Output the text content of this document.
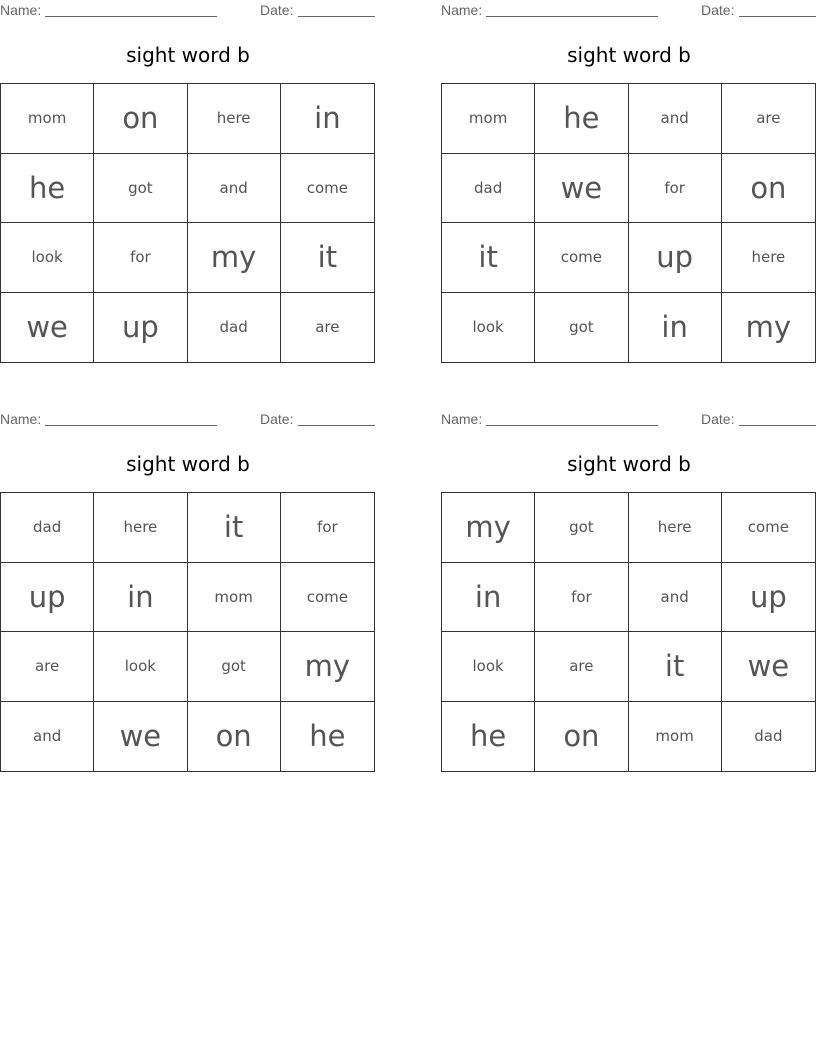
Name:	Date:
sight word b
mom	on	here	in
he	got	and	come
look	for	my	it
we	up	dad	are
Name:	Date:
sight word b
mom	he	and	are
dad	we	for	on
it	come	up	here
look	got	in	my
Name:	Date:
sight word b
dad	here	it	for
up	in	mom	come
are	look	got	my
and	we	on	he
Name:	Date:
sight word b
my	got	here	come
in	for	and	up
look	are	it	we
he	on	mom	dad
